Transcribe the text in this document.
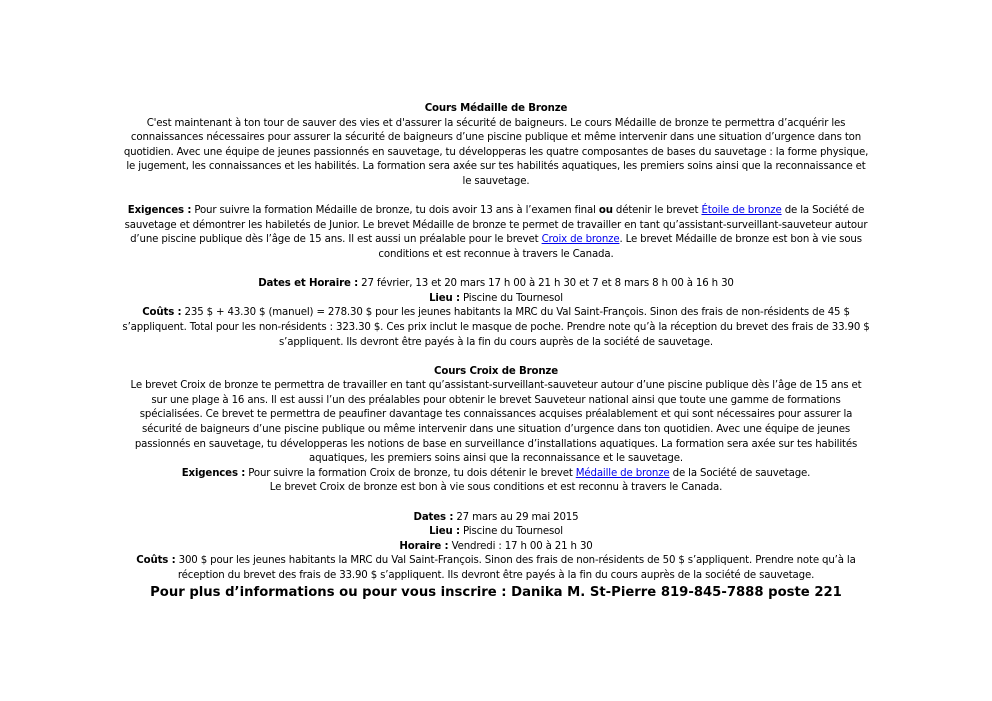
Cours Médaille de Bronze

C'est maintenant à ton tour de sauver des vies et d'assurer la sécurité de baigneurs. Le cours Médaille de bronze te permettra d’acquérir les connaissances nécessaires pour assurer la sécurité de baigneurs d’une piscine publique et même intervenir dans une situation d’urgence dans ton quotidien. Avec une équipe de jeunes passionnés en sauvetage, tu développeras les quatre composantes de bases du sauvetage : la forme physique, le jugement, les connaissances et les habilités. La formation sera axée sur tes habilités aquatiques, les premiers soins ainsi que la reconnaissance et le sauvetage.

Exigences : Pour suivre la formation Médaille de bronze, tu dois avoir 13 ans à l’examen final ou détenir le brevet Étoile de bronze de la Société de sauvetage et démontrer les habiletés de Junior. Le brevet Médaille de bronze te permet de travailler en tant qu’assistant-surveillant-sauveteur autour d’une piscine publique dès l’âge de 15 ans. Il est aussi un préalable pour le brevet Croix de bronze. Le brevet Médaille de bronze est bon à vie sous conditions et est reconnue à travers le Canada.

Dates et Horaire : 27 février, 13 et 20 mars 17 h 00 à 21 h 30 et 7 et 8 mars 8 h 00 à 16 h 30

Lieu : Piscine du Tournesol

Coûts : 235 $ + 43.30 $ (manuel) = 278.30 $ pour les jeunes habitants la MRC du Val Saint-François. Sinon des frais de non-résidents de 45 $ s’appliquent. Total pour les non-résidents : 323.30 $. Ces prix inclut le masque de poche. Prendre note qu’à la réception du brevet des frais de 33.90 $ s’appliquent. Ils devront être payés à la fin du cours auprès de la société de sauvetage.

Cours Croix de Bronze

Le brevet Croix de bronze te permettra de travailler en tant qu’assistant-surveillant-sauveteur autour d’une piscine publique dès l’âge de 15 ans et sur une plage à 16 ans. Il est aussi l’un des préalables pour obtenir le brevet Sauveteur national ainsi que toute une gamme de formations spécialisées. Ce brevet te permettra de peaufiner davantage tes connaissances acquises préalablement et qui sont nécessaires pour assurer la sécurité de baigneurs d’une piscine publique ou même intervenir dans une situation d’urgence dans ton quotidien. Avec une équipe de jeunes passionnés en sauvetage, tu développeras les notions de base en surveillance d’installations aquatiques. La formation sera axée sur tes habilités aquatiques, les premiers soins ainsi que la reconnaissance et le sauvetage.

Exigences : Pour suivre la formation Croix de bronze, tu dois détenir le brevet Médaille de bronze de la Société de sauvetage.

Le brevet Croix de bronze est bon à vie sous conditions et est reconnu à travers le Canada.

Dates : 27 mars au 29 mai 2015

Lieu : Piscine du Tournesol

Horaire : Vendredi : 17 h 00 à 21 h 30

Coûts : 300 $ pour les jeunes habitants la MRC du Val Saint-François. Sinon des frais de non-résidents de 50 $ s’appliquent. Prendre note qu’à la réception du brevet des frais de 33.90 $ s’appliquent. Ils devront être payés à la fin du cours auprès de la société de sauvetage.

Pour plus d’informations ou pour vous inscrire : Danika M. St-Pierre 819-845-7888 poste 221
